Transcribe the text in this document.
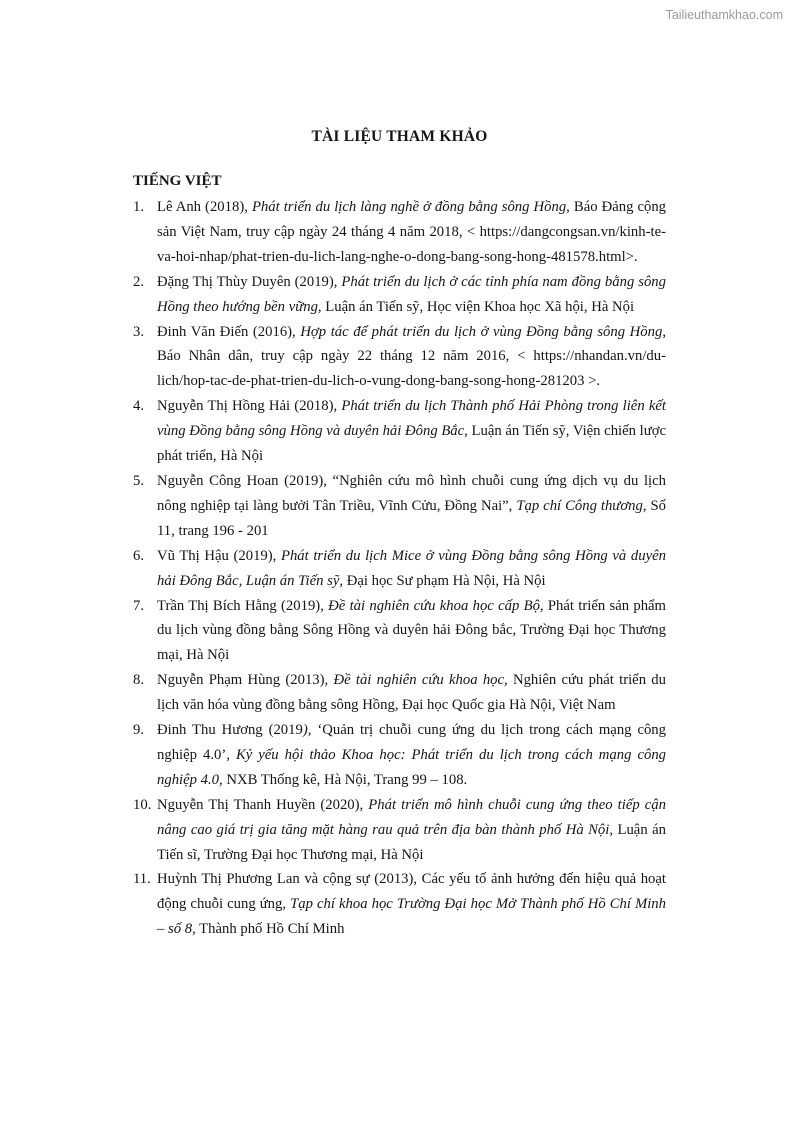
Tailieuthamkhao.com
TÀI LIỆU THAM KHẢO
TIẾNG VIỆT
1. Lê Anh (2018), Phát triển du lịch làng nghề ở đồng bằng sông Hồng, Báo Đảng cộng sản Việt Nam, truy cập ngày 24 tháng 4 năm 2018, < https://dangcongsan.vn/kinh-te-va-hoi-nhap/phat-trien-du-lich-lang-nghe-o-dong-bang-song-hong-481578.html>.
2. Đặng Thị Thùy Duyên (2019), Phát triển du lịch ở các tỉnh phía nam đồng bằng sông Hồng theo hướng bền vững, Luận án Tiến sỹ, Học viện Khoa học Xã hội, Hà Nội
3. Đinh Văn Điến (2016), Hợp tác để phát triển du lịch ở vùng Đồng bằng sông Hồng, Báo Nhân dân, truy cập ngày 22 tháng 12 năm 2016, < https://nhandan.vn/du-lich/hop-tac-de-phat-trien-du-lich-o-vung-dong-bang-song-hong-281203 >.
4. Nguyễn Thị Hồng Hải (2018), Phát triển du lịch Thành phố Hải Phòng trong liên kết vùng Đồng bằng sông Hồng và duyên hải Đông Bắc, Luận án Tiến sỹ, Viện chiến lược phát triển, Hà Nội
5. Nguyễn Công Hoan (2019), “Nghiên cứu mô hình chuỗi cung ứng dịch vụ du lịch nông nghiệp tại làng bưởi Tân Triều, Vĩnh Cửu, Đồng Nai”, Tạp chí Công thương, Số 11, trang 196 - 201
6. Vũ Thị Hậu (2019), Phát triển du lịch Mice ở vùng Đồng bằng sông Hồng và duyên hải Đông Bắc, Luận án Tiến sỹ, Đại học Sư phạm Hà Nội, Hà Nội
7. Trần Thị Bích Hằng (2019), Đề tài nghiên cứu khoa học cấp Bộ, Phát triển sản phẩm du lịch vùng đồng bằng Sông Hồng và duyên hải Đông bắc, Trường Đại học Thương mại, Hà Nội
8. Nguyễn Phạm Hùng (2013), Đề tài nghiên cứu khoa học, Nghiên cứu phát triển du lịch văn hóa vùng đồng bằng sông Hồng, Đại học Quốc gia Hà Nội, Việt Nam
9. Đinh Thu Hương (2019), ‘Quản trị chuỗi cung ứng du lịch trong cách mạng công nghiệp 4.0’, Kỷ yếu hội thảo Khoa học: Phát triển du lịch trong cách mạng công nghiệp 4.0, NXB Thống kê, Hà Nội, Trang 99 – 108.
10. Nguyễn Thị Thanh Huyền (2020), Phát triển mô hình chuỗi cung ứng theo tiếp cận nâng cao giá trị gia tăng mặt hàng rau quả trên địa bàn thành phố Hà Nội, Luận án Tiến sĩ, Trường Đại học Thương mại, Hà Nội
11. Huỳnh Thị Phương Lan và cộng sự (2013), Các yếu tố ảnh hưởng đến hiệu quả hoạt động chuỗi cung ứng, Tạp chí khoa học Trường Đại học Mở Thành phố Hồ Chí Minh – số 8, Thành phố Hồ Chí Minh
